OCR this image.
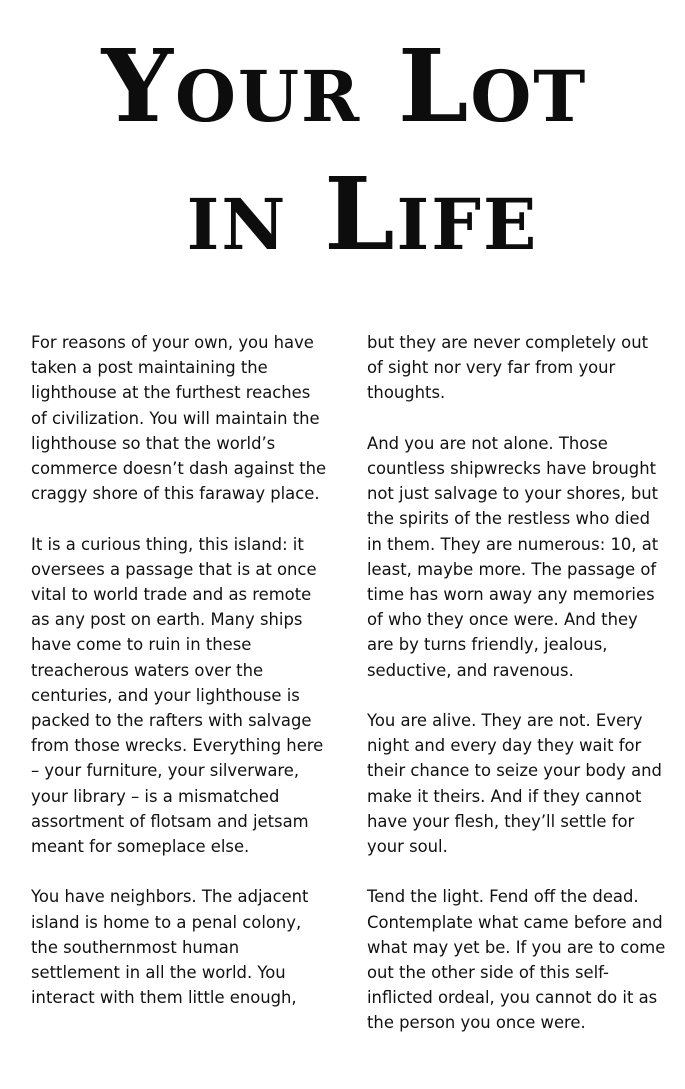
Your Lot
in Life

For reasons of your own, you have taken a post maintaining the lighthouse at the furthest reaches of civilization. You will maintain the lighthouse so that the world’s commerce doesn’t dash against the craggy shore of this faraway place.

It is a curious thing, this island: it oversees a passage that is at once vital to world trade and as remote as any post on earth. Many ships have come to ruin in these treacherous waters over the centuries, and your lighthouse is packed to the rafters with salvage from those wrecks. Everything here – your furniture, your silverware, your library – is a mismatched assortment of flotsam and jetsam meant for someplace else.

You have neighbors. The adjacent island is home to a penal colony, the southernmost human settlement in all the world. You interact with them little enough,

but they are never completely out of sight nor very far from your thoughts.

And you are not alone. Those countless shipwrecks have brought not just salvage to your shores, but the spirits of the restless who died in them. They are numerous: 10, at least, maybe more. The passage of time has worn away any memories of who they once were. And they are by turns friendly, jealous, seductive, and ravenous.

You are alive. They are not. Every night and every day they wait for their chance to seize your body and make it theirs. And if they cannot have your flesh, they’ll settle for your soul.

Tend the light. Fend off the dead. Contemplate what came before and what may yet be. If you are to come out the other side of this self-inflicted ordeal, you cannot do it as the person you once were.
